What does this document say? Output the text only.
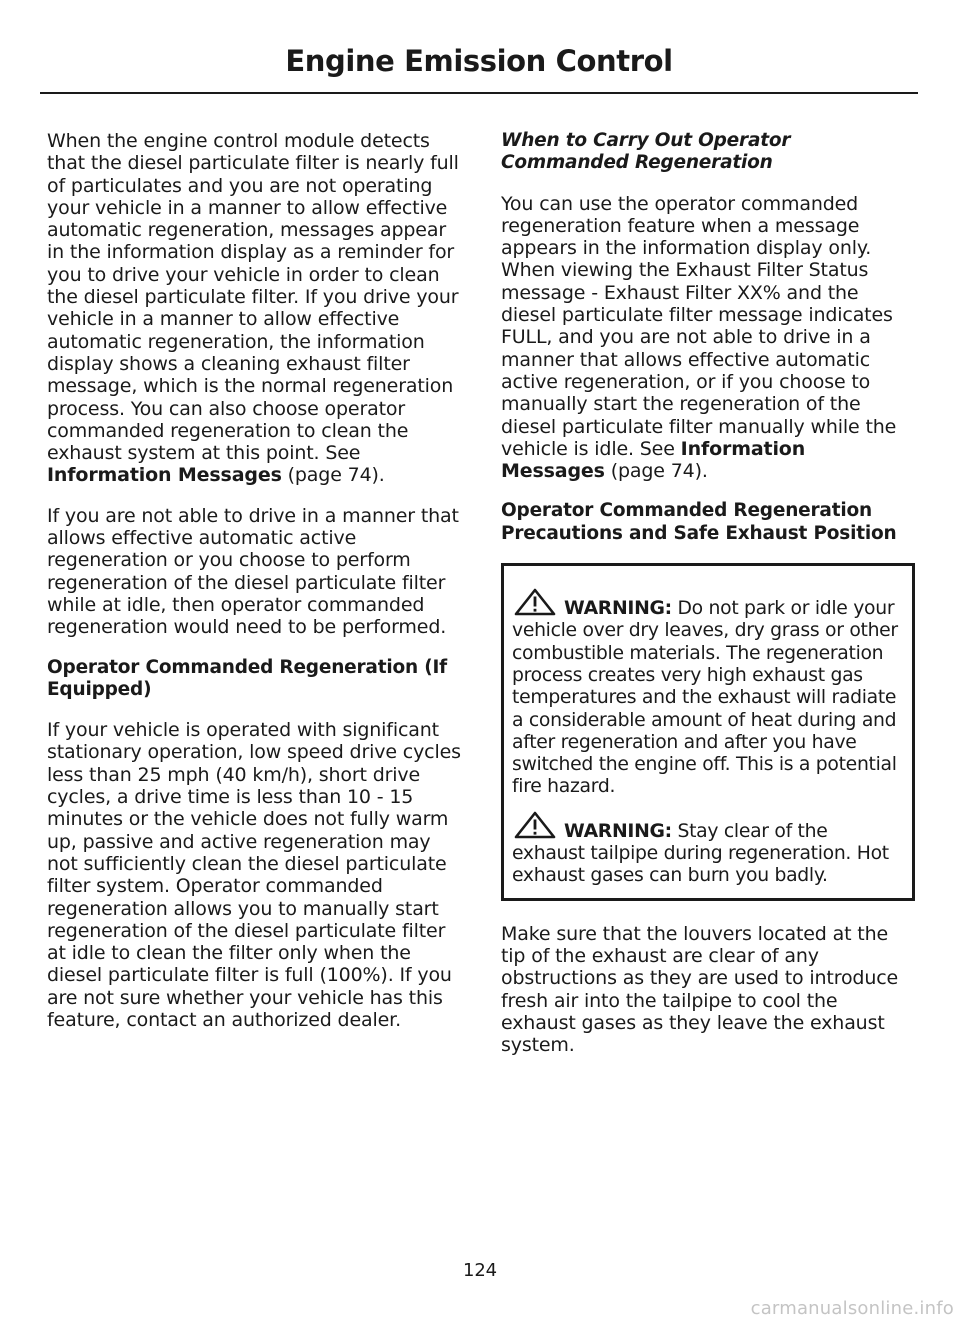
Engine Emission Control

When the engine control module detects that the diesel particulate filter is nearly full of particulates and you are not operating your vehicle in a manner to allow effective automatic regeneration, messages appear in the information display as a reminder for you to drive your vehicle in order to clean the diesel particulate filter. If you drive your vehicle in a manner to allow effective automatic regeneration, the information display shows a cleaning exhaust filter message, which is the normal regeneration process. You can also choose operator commanded regeneration to clean the exhaust system at this point. See Information Messages (page 74).

If you are not able to drive in a manner that allows effective automatic active regeneration or you choose to perform regeneration of the diesel particulate filter while at idle, then operator commanded regeneration would need to be performed.

Operator Commanded Regeneration (If Equipped)

If your vehicle is operated with significant stationary operation, low speed drive cycles less than 25 mph (40 km/h), short drive cycles, a drive time is less than 10 - 15 minutes or the vehicle does not fully warm up, passive and active regeneration may not sufficiently clean the diesel particulate filter system. Operator commanded regeneration allows you to manually start regeneration of the diesel particulate filter at idle to clean the filter only when the diesel particulate filter is full (100%). If you are not sure whether your vehicle has this feature, contact an authorized dealer.

When to Carry Out Operator Commanded Regeneration

You can use the operator commanded regeneration feature when a message appears in the information display only. When viewing the Exhaust Filter Status message - Exhaust Filter XX% and the diesel particulate filter message indicates FULL, and you are not able to drive in a manner that allows effective automatic active regeneration, or if you choose to manually start the regeneration of the diesel particulate filter manually while the vehicle is idle. See Information Messages (page 74).

Operator Commanded Regeneration Precautions and Safe Exhaust Position

WARNING: Do not park or idle your vehicle over dry leaves, dry grass or other combustible materials. The regeneration process creates very high exhaust gas temperatures and the exhaust will radiate a considerable amount of heat during and after regeneration and after you have switched the engine off. This is a potential fire hazard.

WARNING: Stay clear of the exhaust tailpipe during regeneration. Hot exhaust gases can burn you badly.

Make sure that the louvers located at the tip of the exhaust are clear of any obstructions as they are used to introduce fresh air into the tailpipe to cool the exhaust gases as they leave the exhaust system.

124

carmanualsonline.info
